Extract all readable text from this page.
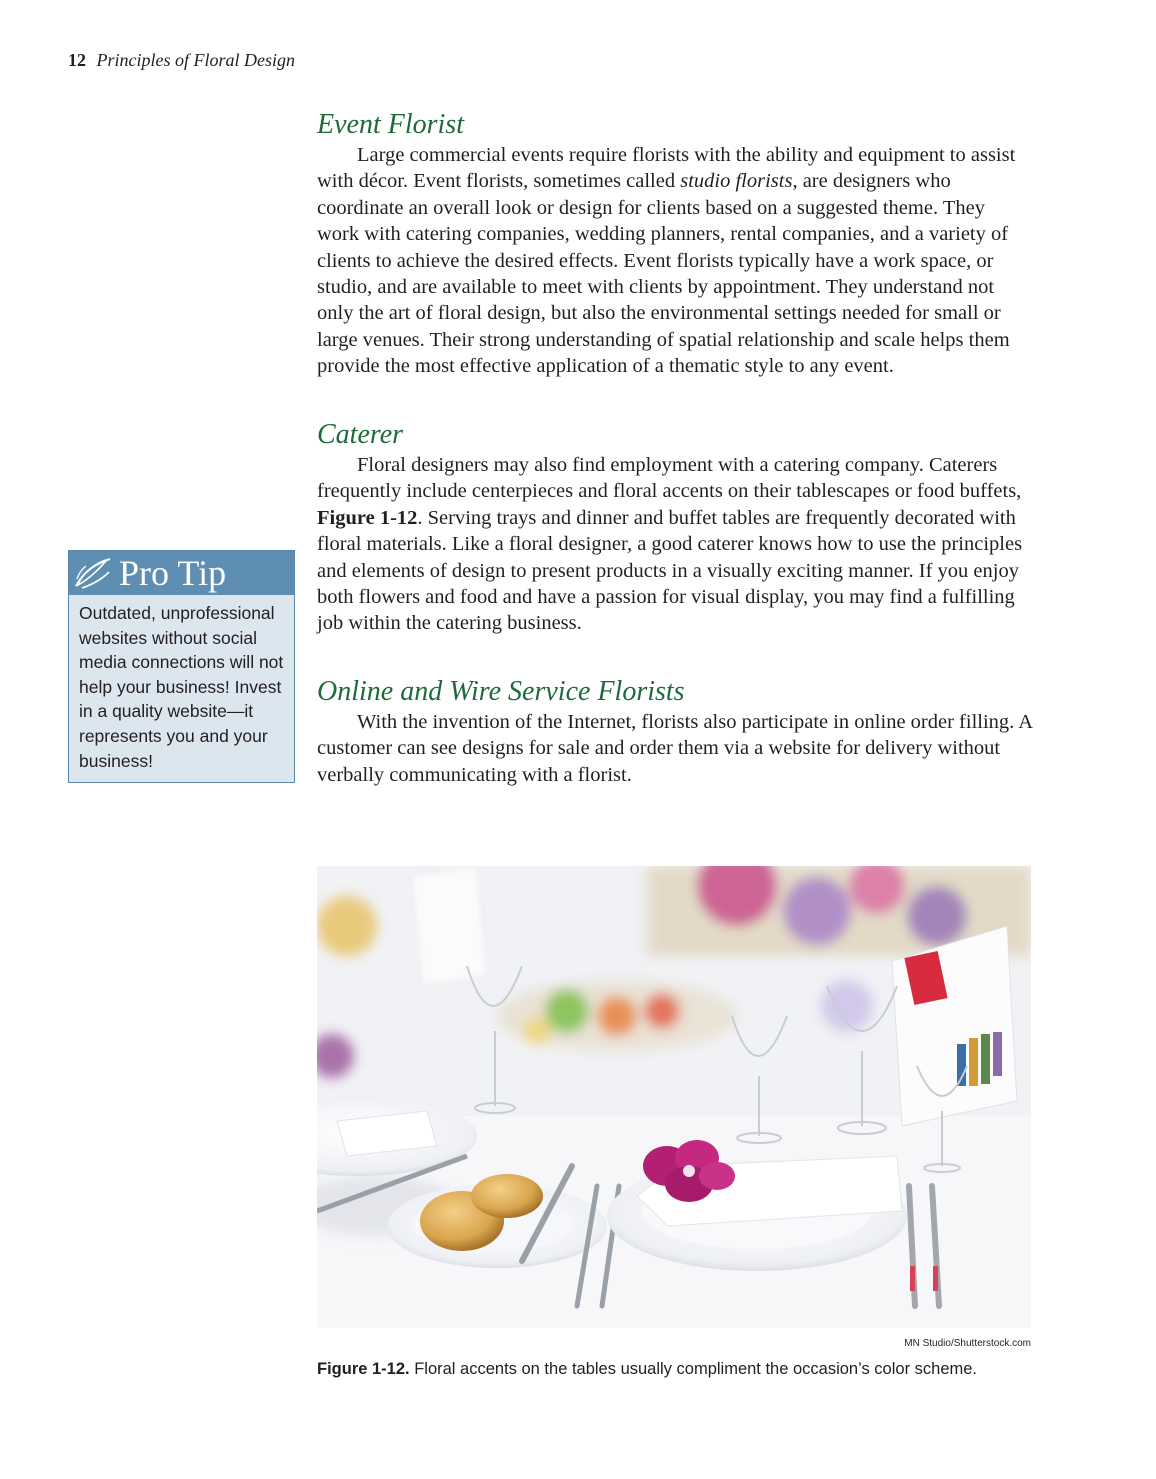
12 Principles of Floral Design
Event Florist

Large commercial events require florists with the ability and equipment to assist with décor. Event florists, sometimes called studio florists, are designers who coordinate an overall look or design for clients based on a suggested theme. They work with catering companies, wedding planners, rental companies, and a variety of clients to achieve the desired effects. Event florists typically have a work space, or studio, and are available to meet with clients by appointment. They understand not only the art of floral design, but also the environmental settings needed for small or large venues. Their strong understanding of spatial relationship and scale helps them provide the most effective application of a thematic style to any event.

Caterer

Floral designers may also find employment with a catering company. Caterers frequently include centerpieces and floral accents on their tablescapes or food buffets, Figure 1-12. Serving trays and dinner and buffet tables are frequently decorated with floral materials. Like a floral designer, a good caterer knows how to use the principles and elements of design to present products in a visually exciting manner. If you enjoy both flowers and food and have a passion for visual display, you may find a fulfilling job within the catering business.

Online and Wire Service Florists

With the invention of the Internet, florists also participate in online order filling. A customer can see designs for sale and order them via a website for delivery without verbally communicating with a florist.

Pro Tip
Outdated, unprofessional websites without social media connections will not help your business! Invest in a quality website—it represents you and your business!
MN Studio/Shutterstock.com
Figure 1-12. Floral accents on the tables usually compliment the occasion’s color scheme.
